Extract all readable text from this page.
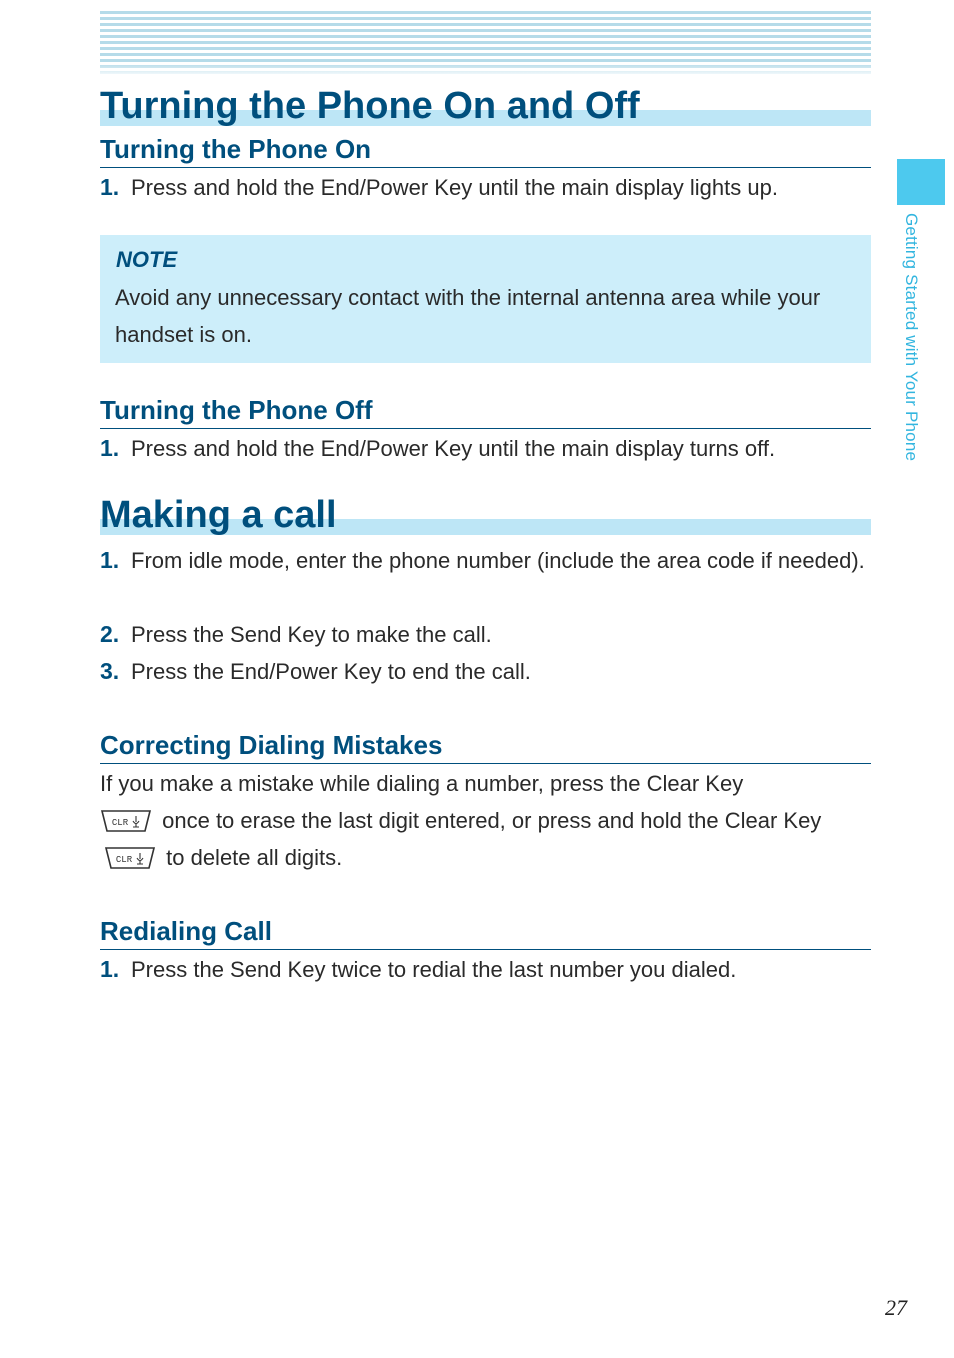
Getting Started with Your Phone
Turning the Phone On and Off
Turning the Phone On
1. Press and hold the End/Power Key until the main display lights up.
NOTE
Avoid any unnecessary contact with the internal antenna area while your handset is on.
Turning the Phone Off
1. Press and hold the End/Power Key until the main display turns off.
Making a call
1. From idle mode, enter the phone number (include the area code if needed).
2. Press the Send Key to make the call.
3. Press the End/Power Key to end the call.
Correcting Dialing Mistakes
If you make a mistake while dialing a number, press the Clear Key

CLR once to erase the last digit entered, or press and hold the Clear Key
CLR to delete all digits.
Redialing Call
1. Press the Send Key twice to redial the last number you dialed.
27
